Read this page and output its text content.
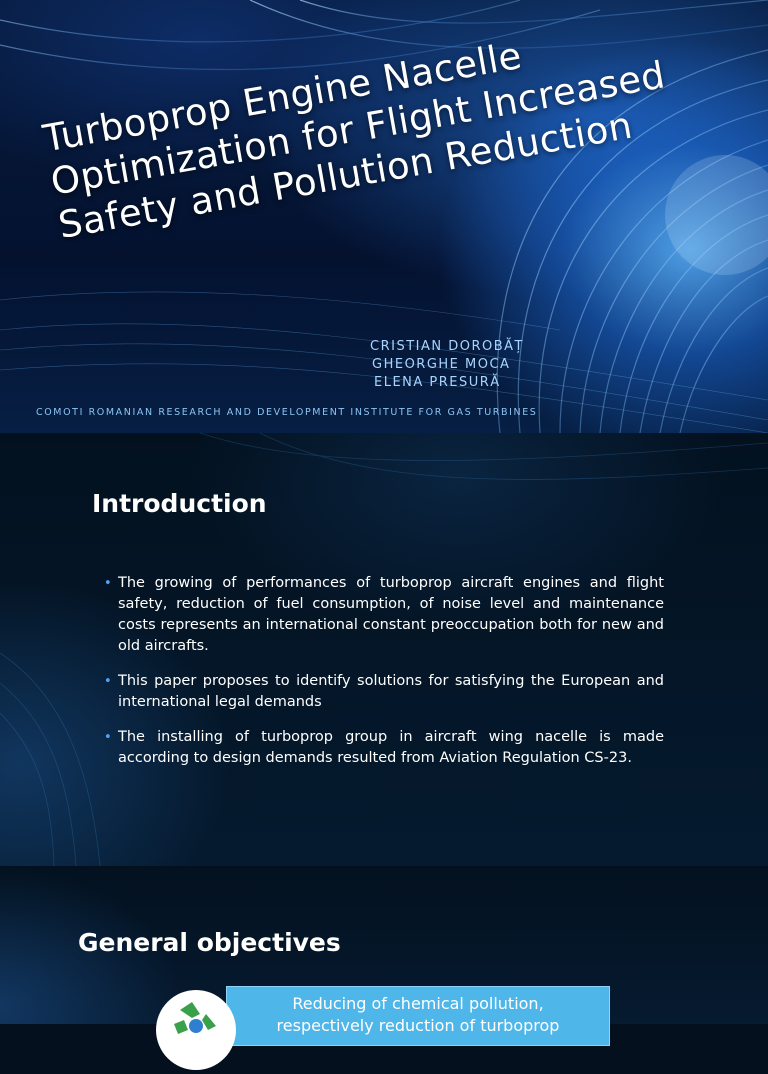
Turboprop Engine Nacelle Optimization for Flight Increased Safety and Pollution Reduction
CRISTIAN DOROBĂȚ
GHEORGHE MOCA
ELENA PRESURĂ
COMOTI ROMANIAN RESEARCH AND DEVELOPMENT INSTITUTE FOR GAS TURBINES
Introduction
• The growing of performances of turboprop aircraft engines and flight safety, reduction of fuel consumption, of noise level and maintenance costs represents an international constant preoccupation both for new and old aircrafts.
• This paper proposes to identify solutions for satisfying the European and international legal demands
• The installing of turboprop group in aircraft wing nacelle is made according to design demands resulted from Aviation Regulation CS-23.
General objectives
Reducing of chemical pollution,
respectively reduction of turboprop
